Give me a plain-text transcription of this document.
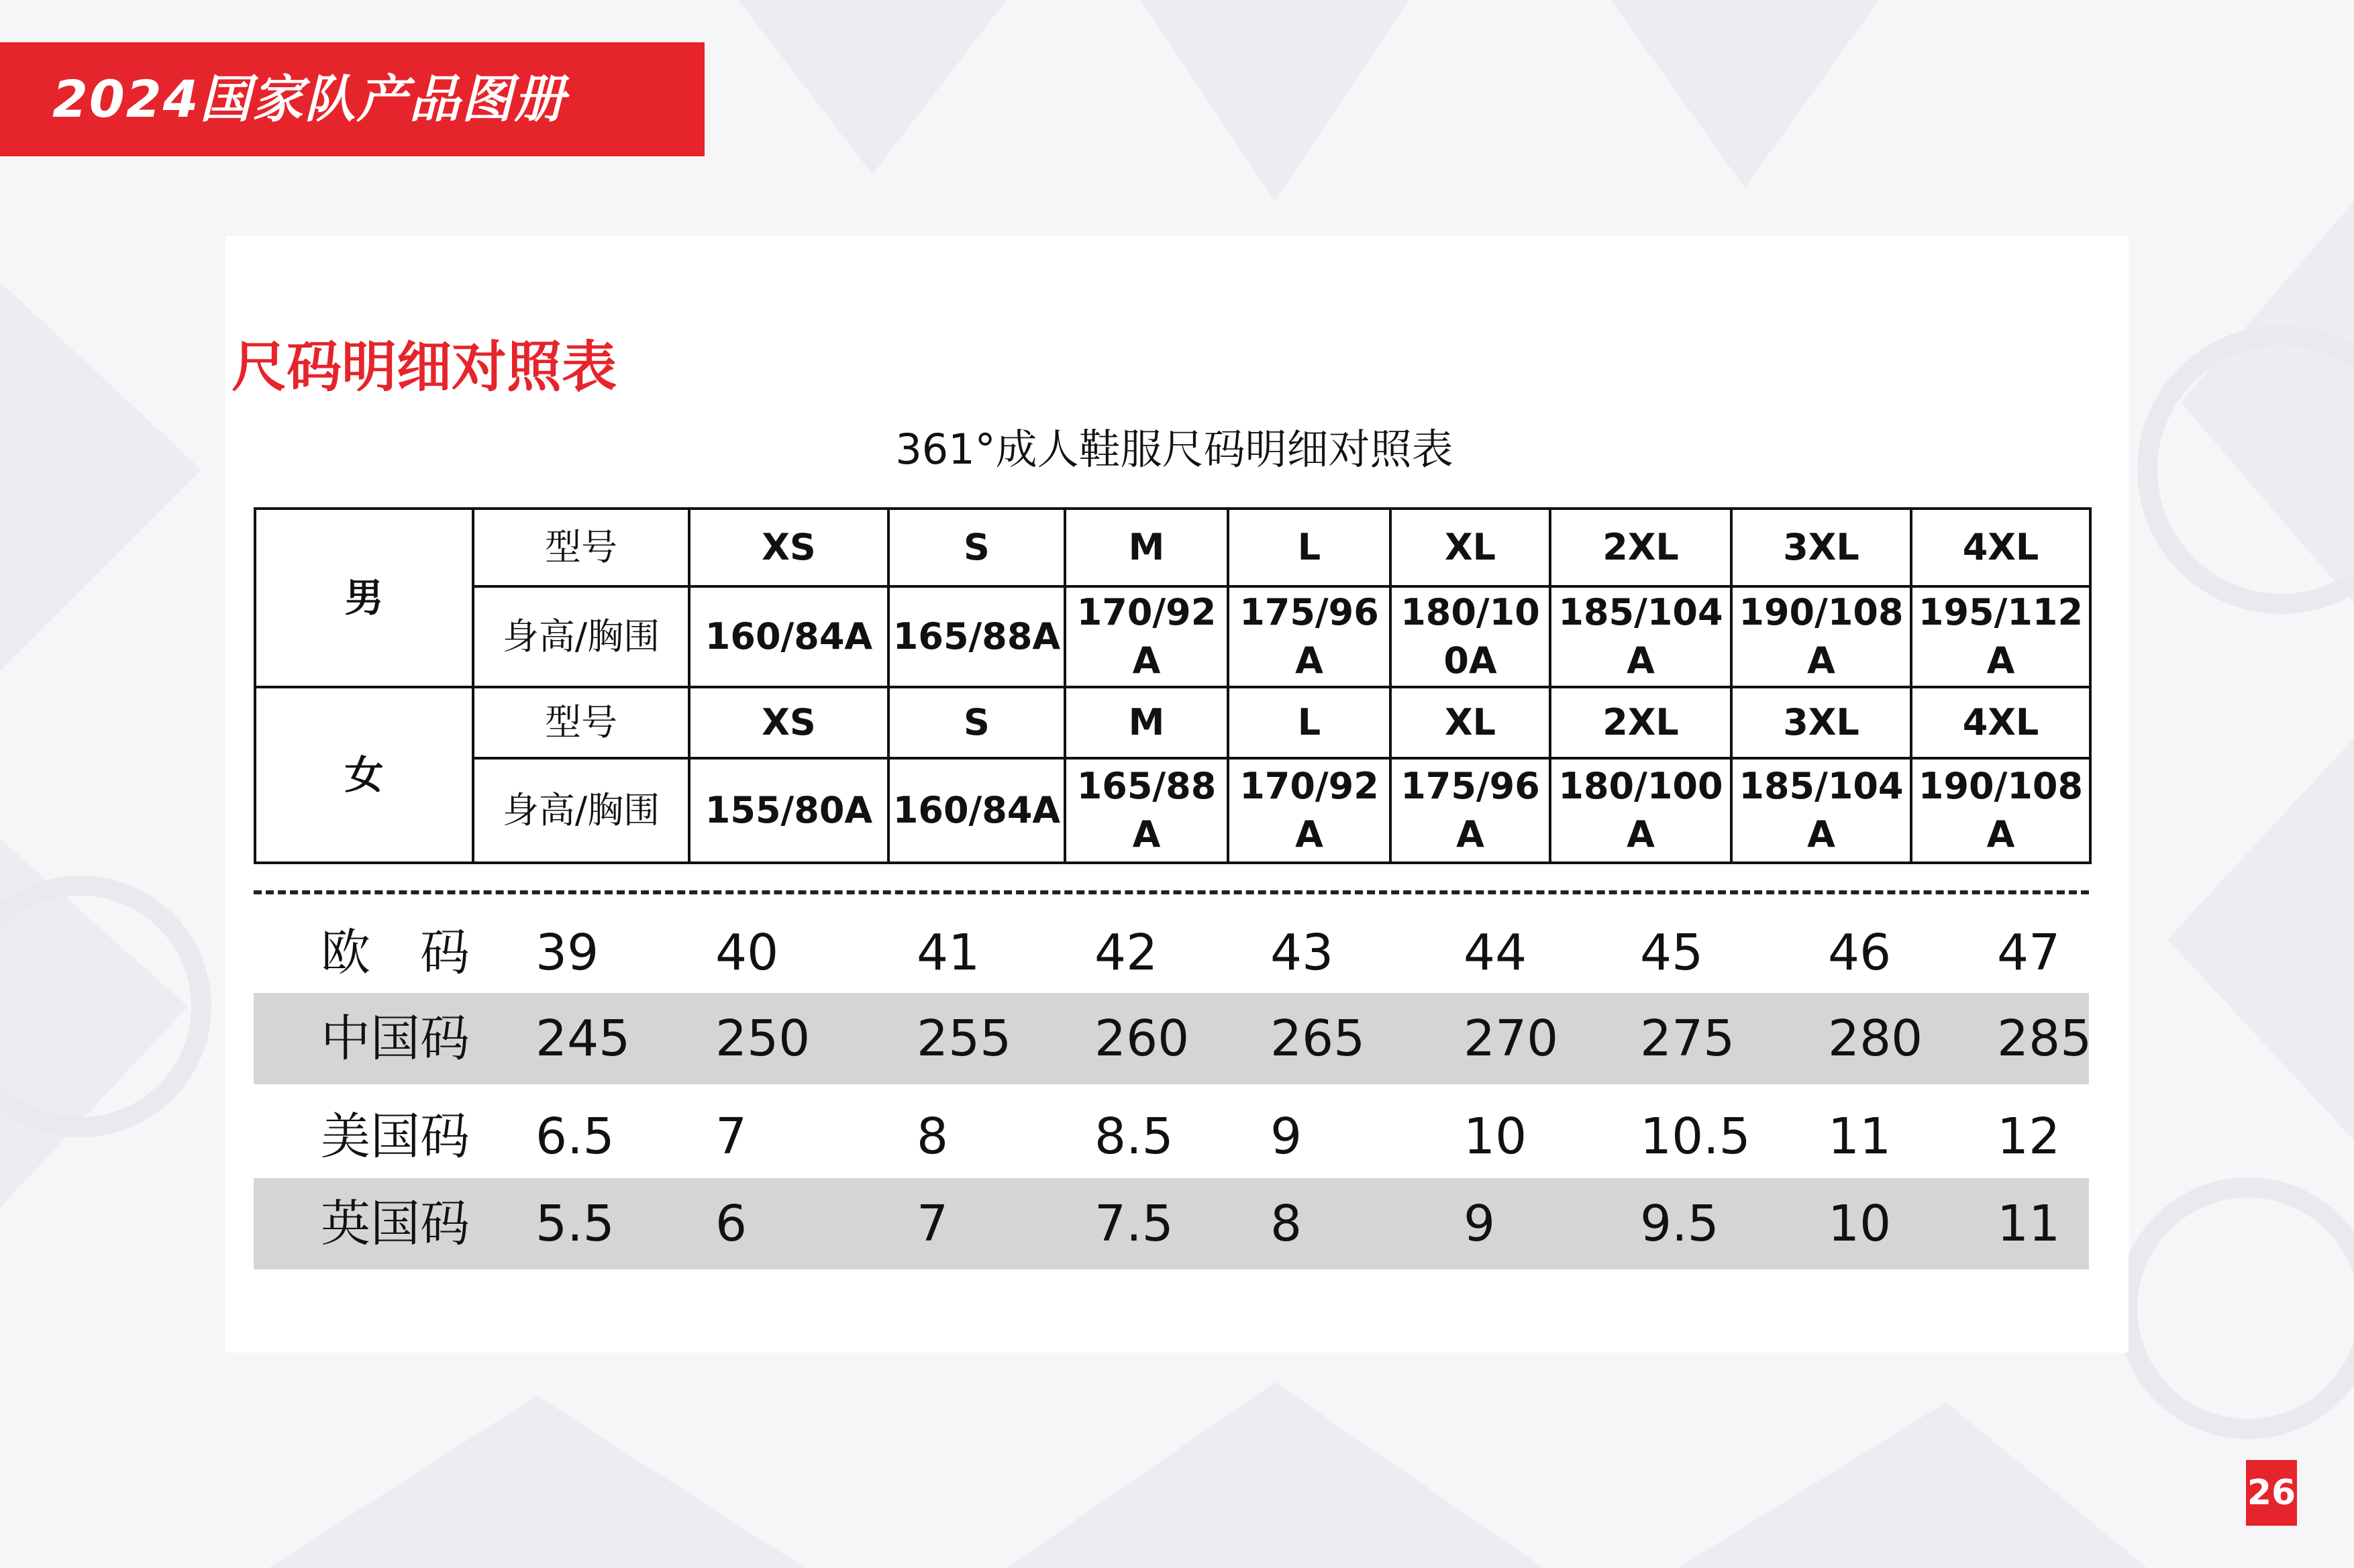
2024国家队产品图册
尺码明细对照表
361°成人鞋服尺码明细对照表
男	型号	XS	S	M	L	XL	2XL	3XL	4XL
	身高/胸围	160/84A	165/88A	170/92A	175/96A	180/100A	185/104A	190/108A	195/112A
女	型号	XS	S	M	L	XL	2XL	3XL	4XL
	身高/胸围	155/80A	160/84A	165/88A	170/92A	175/96A	180/100A	185/104A	190/108A
欧　码 39 40	41 42 43	44 45	46 47
中国码 245 250 255 260 265 270 275 280 285
美国码 6.5 7	8	8.5 9	10 10.5 11 12
英国码 5.5 6	7	7.5 8	9	9.5 10 11
26
